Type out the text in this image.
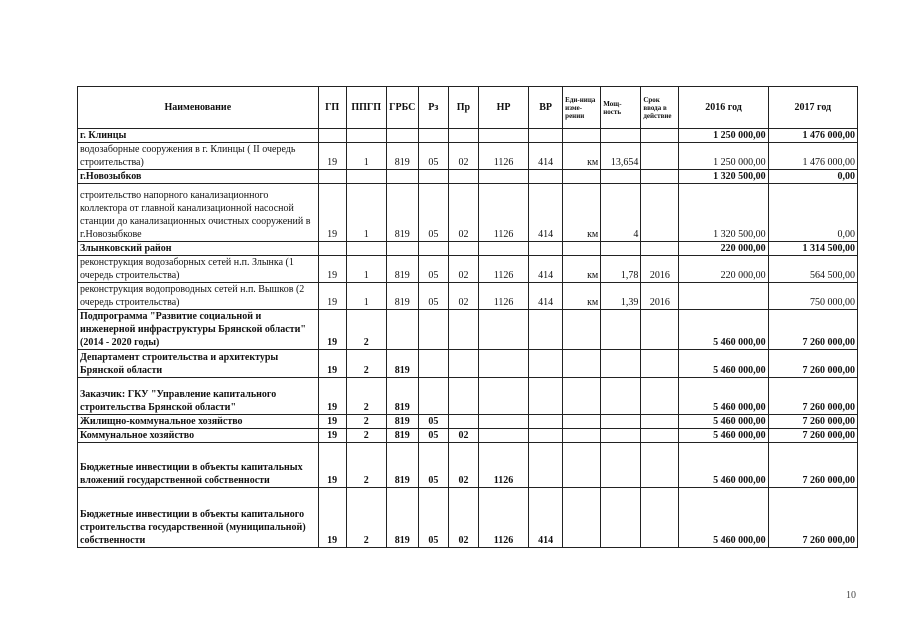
Наименование	ГП	ППГП	ГРБС	Рз	Пр	НР	ВР	Еди-ница изме-рении	Мощ-ность	Срок ввода в действие	2016 год	2017 год
г. Клинцы											1 250 000,00	1 476 000,00
водозаборные сооружения в г. Клинцы ( II очередь строительства)	19	1	819	05	02	1126	414	км	13,654		1 250 000,00	1 476 000,00
г.Новозыбков											1 320 500,00	0,00
строительство напорного канализационного коллектора от главной канализационной насосной станции до канализационных очистных сооружений в г.Новозыбкове	19	1	819	05	02	1126	414	км	4		1 320 500,00	0,00
Злынковский район											220 000,00	1 314 500,00
реконструкция водозаборных сетей н.п. Злынка (1 очередь строительства)	19	1	819	05	02	1126	414	км	1,78	2016	220 000,00	564 500,00
реконструкция водопроводных сетей н.п. Вышков (2 очередь строительства)	19	1	819	05	02	1126	414	км	1,39	2016		750 000,00
Подпрограмма "Развитие социальной и инженерной инфраструктуры Брянской области" (2014 - 2020 годы)	19	2									5 460 000,00	7 260 000,00
Департамент строительства и архитектуры Брянской области	19	2	819								5 460 000,00	7 260 000,00
Заказчик: ГКУ "Управление капитального строительства Брянской области"	19	2	819								5 460 000,00	7 260 000,00
Жилищно-коммунальное хозяйство	19	2	819	05							5 460 000,00	7 260 000,00
Коммунальное хозяйство	19	2	819	05	02						5 460 000,00	7 260 000,00
Бюджетные инвестиции в объекты капитальных вложений государственной собственности	19	2	819	05	02	1126					5 460 000,00	7 260 000,00
Бюджетные инвестиции в объекты капитального строительства государственной (муниципальной) собственности	19	2	819	05	02	1126	414				5 460 000,00	7 260 000,00
10
